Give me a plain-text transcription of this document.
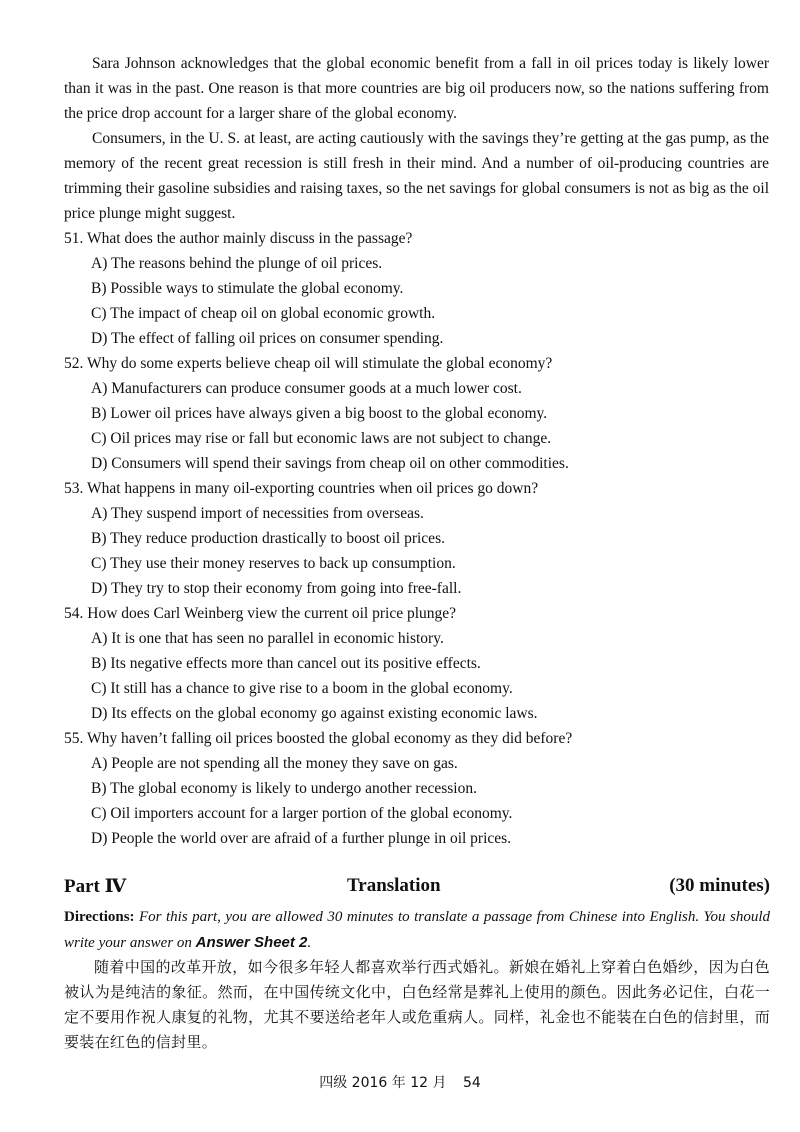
Sara Johnson acknowledges that the global economic benefit from a fall in oil prices today is likely lower than it was in the past. One reason is that more countries are big oil producers now, so the nations suffering from the price drop account for a larger share of the global economy.

Consumers, in the U. S. at least, are acting cautiously with the savings they’re getting at the gas pump, as the memory of the recent great recession is still fresh in their mind. And a number of oil-producing countries are trimming their gasoline subsidies and raising taxes, so the net savings for global consumers is not as big as the oil price plunge might suggest.

51. What does the author mainly discuss in the passage?
A) The reasons behind the plunge of oil prices.
B) Possible ways to stimulate the global economy.
C) The impact of cheap oil on global economic growth.
D) The effect of falling oil prices on consumer spending.
52. Why do some experts believe cheap oil will stimulate the global economy?
A) Manufacturers can produce consumer goods at a much lower cost.
B) Lower oil prices have always given a big boost to the global economy.
C) Oil prices may rise or fall but economic laws are not subject to change.
D) Consumers will spend their savings from cheap oil on other commodities.
53. What happens in many oil-exporting countries when oil prices go down?
A) They suspend import of necessities from overseas.
B) They reduce production drastically to boost oil prices.
C) They use their money reserves to back up consumption.
D) They try to stop their economy from going into free-fall.
54. How does Carl Weinberg view the current oil price plunge?
A) It is one that has seen no parallel in economic history.
B) Its negative effects more than cancel out its positive effects.
C) It still has a chance to give rise to a boom in the global economy.
D) Its effects on the global economy go against existing economic laws.
55. Why haven’t falling oil prices boosted the global economy as they did before?
A) People are not spending all the money they save on gas.
B) The global economy is likely to undergo another recession.
C) Oil importers account for a larger portion of the global economy.
D) People the world over are afraid of a further plunge in oil prices.
Part Ⅳ	Translation	(30 minutes)

Directions: For this part, you are allowed 30 minutes to translate a passage from Chinese into English. You should write your answer on Answer Sheet 2.

随着中国的改革开放，如今很多年轻人都喜欢举行西式婚礼。新娘在婚礼上穿着白色婚纱，因为白色被认为是纯洁的象征。然而，在中国传统文化中，白色经常是葬礼上使用的颜色。因此务必记住，白花一定不要用作祝人康复的礼物，尤其不要送给老年人或危重病人。同样，礼金也不能装在白色的信封里，而要装在红色的信封里。

四级 2016 年 12 月 54
